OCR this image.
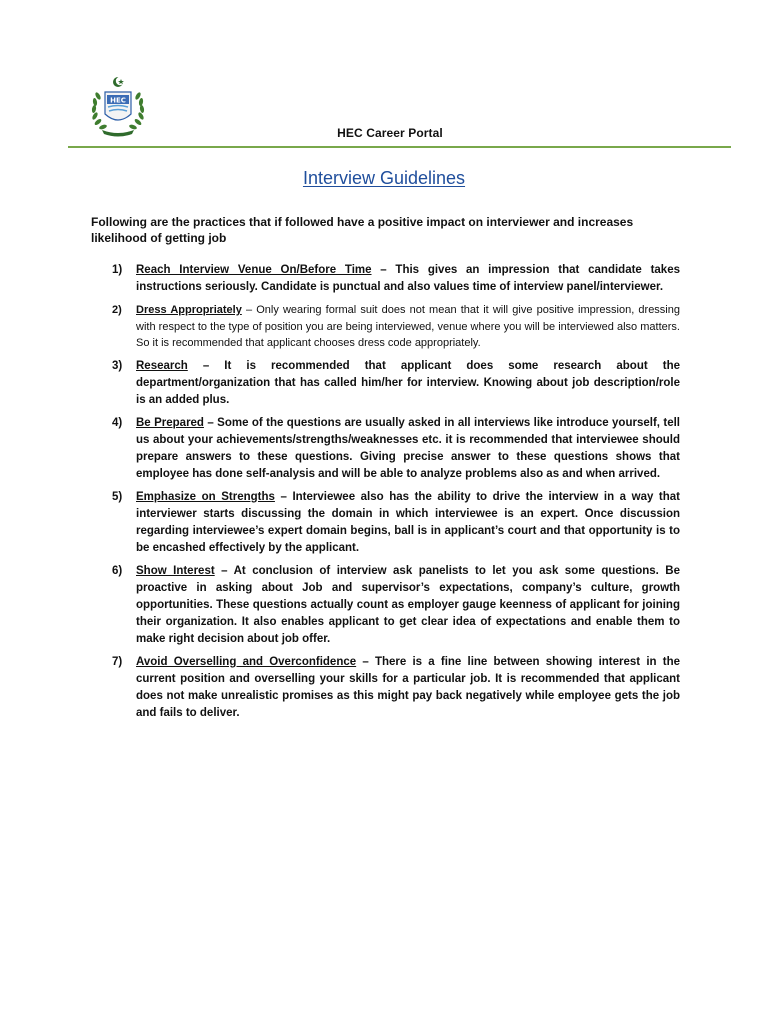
HEC
HEC Career Portal
Interview Guidelines
Following are the practices that if followed have a positive impact on interviewer and increases likelihood of getting job
1) Reach Interview Venue On/Before Time – This gives an impression that candidate takes instructions seriously. Candidate is punctual and also values time of interview panel/interviewer.
2) Dress Appropriately – Only wearing formal suit does not mean that it will give positive impression, dressing with respect to the type of position you are being interviewed, venue where you will be interviewed also matters. So it is recommended that applicant chooses dress code appropriately.
3) Research – It is recommended that applicant does some research about the department/organization that has called him/her for interview. Knowing about job description/role is an added plus.
4) Be Prepared – Some of the questions are usually asked in all interviews like introduce yourself, tell us about your achievements/strengths/weaknesses etc. it is recommended that interviewee should prepare answers to these questions. Giving precise answer to these questions shows that employee has done self-analysis and will be able to analyze problems also as and when arrived.
5) Emphasize on Strengths – Interviewee also has the ability to drive the interview in a way that interviewer starts discussing the domain in which interviewee is an expert. Once discussion regarding interviewee’s expert domain begins, ball is in applicant’s court and that opportunity is to be encashed effectively by the applicant.
6) Show Interest – At conclusion of interview ask panelists to let you ask some questions. Be proactive in asking about Job and supervisor’s expectations, company’s culture, growth opportunities. These questions actually count as employer gauge keenness of applicant for joining their organization. It also enables applicant to get clear idea of expectations and enable them to make right decision about job offer.
7) Avoid Overselling and Overconfidence – There is a fine line between showing interest in the current position and overselling your skills for a particular job. It is recommended that applicant does not make unrealistic promises as this might pay back negatively while employee gets the job and fails to deliver.
